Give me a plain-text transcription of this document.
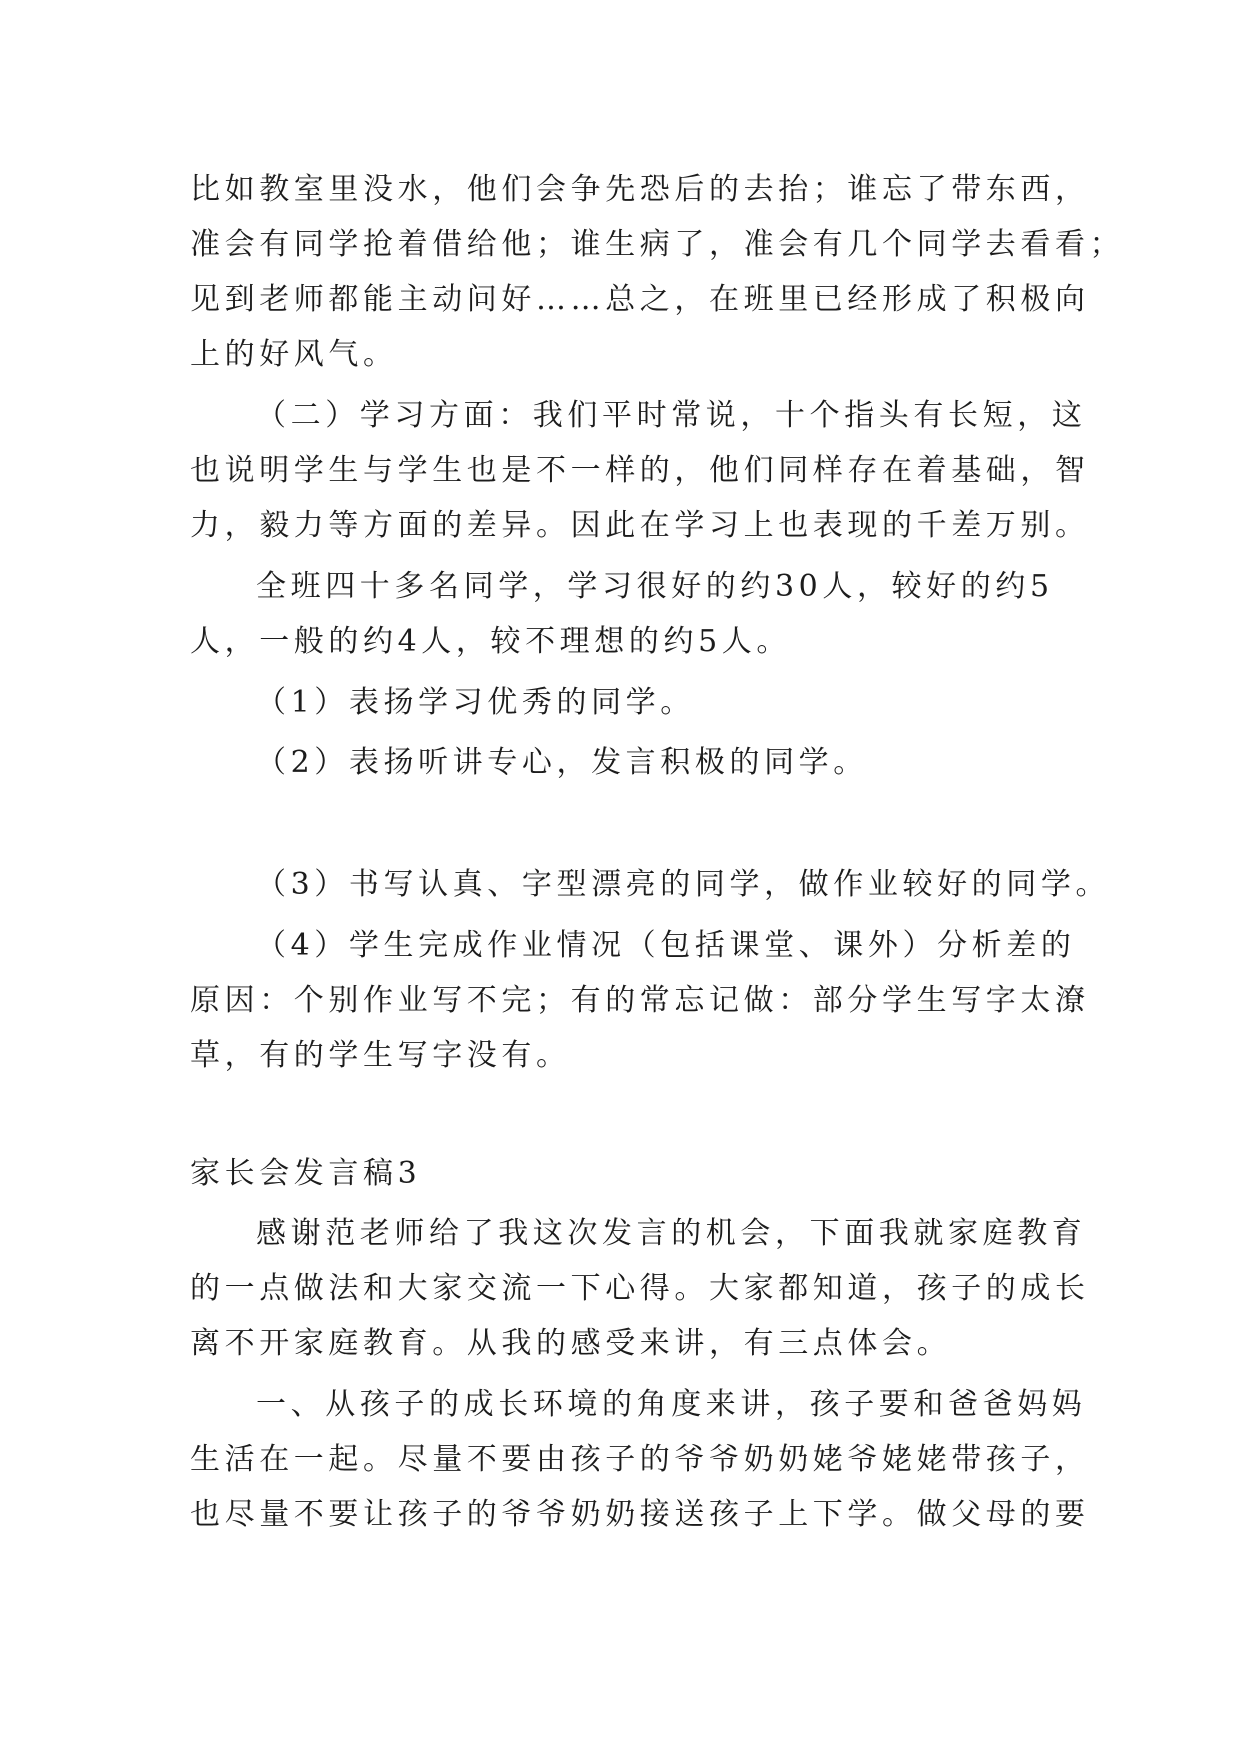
比如教室里没水，他们会争先恐后的去抬；谁忘了带东西，
准会有同学抢着借给他；谁生病了，准会有几个同学去看看；
见到老师都能主动问好……总之，在班里已经形成了积极向
上的好风气。
（二）学习方面：我们平时常说，十个指头有长短，这
也说明学生与学生也是不一样的，他们同样存在着基础，智
力，毅力等方面的差异。因此在学习上也表现的千差万别。
全班四十多名同学，学习很好的约30人，较好的约5
人，一般的约4人，较不理想的约5人。
（1）表扬学习优秀的同学。
（2）表扬听讲专心，发言积极的同学。
（3）书写认真、字型漂亮的同学，做作业较好的同学。
（4）学生完成作业情况（包括课堂、课外）分析差的
原因：个别作业写不完；有的常忘记做：部分学生写字太潦
草，有的学生写字没有。
家长会发言稿3
感谢范老师给了我这次发言的机会，下面我就家庭教育
的一点做法和大家交流一下心得。大家都知道，孩子的成长
离不开家庭教育。从我的感受来讲，有三点体会。
一、从孩子的成长环境的角度来讲，孩子要和爸爸妈妈
生活在一起。尽量不要由孩子的爷爷奶奶姥爷姥姥带孩子，
也尽量不要让孩子的爷爷奶奶接送孩子上下学。做父母的要
